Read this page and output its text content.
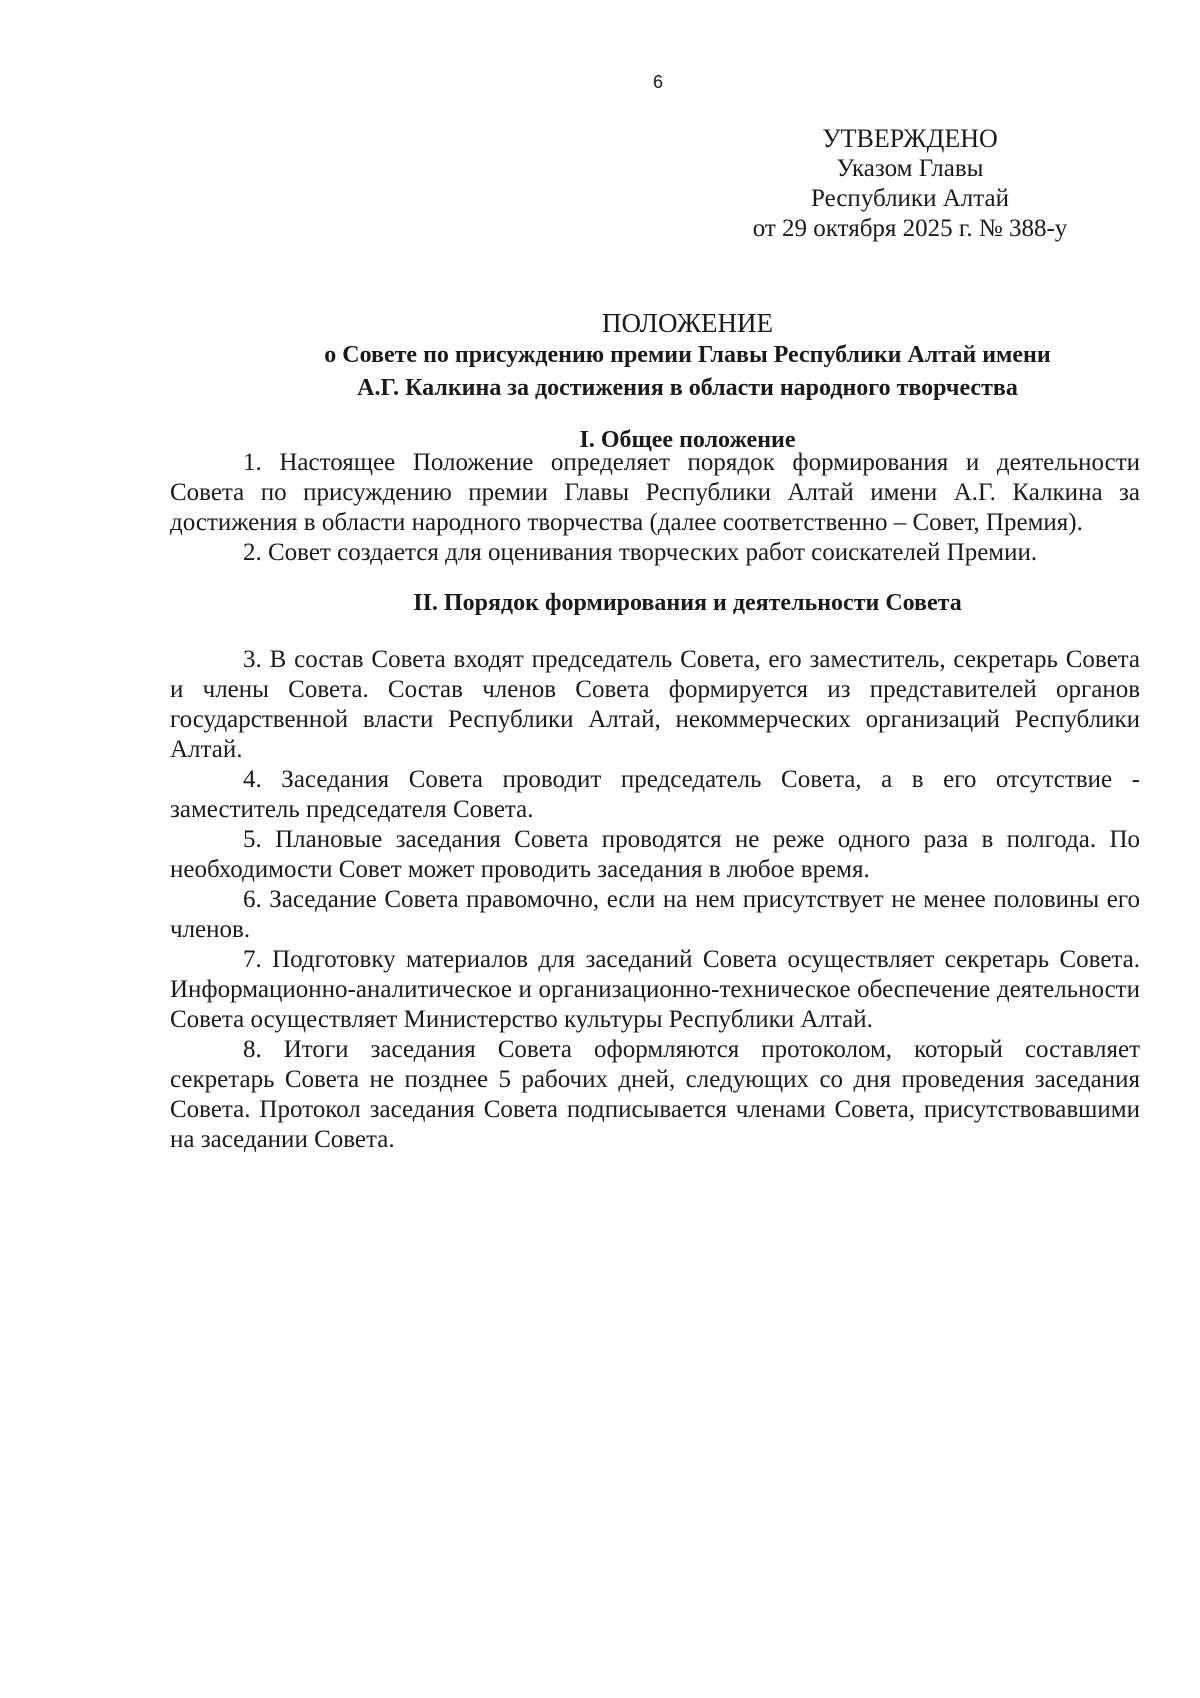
6
УТВЕРЖДЕНО
Указом Главы
Республики Алтай
от 29 октября 2025 г. № 388-у
ПОЛОЖЕНИЕ
о Совете по присуждению премии Главы Республики Алтай имени
А.Г. Калкина за достижения в области народного творчества
I. Общее положение

1. Настоящее Положение определяет порядок формирования и деятельности Совета по присуждению премии Главы Республики Алтай имени А.Г. Калкина за достижения в области народного творчества (далее соответственно – Совет, Премия).

2. Совет создается для оценивания творческих работ соискателей Премии.

II. Порядок формирования и деятельности Совета

3. В состав Совета входят председатель Совета, его заместитель, секретарь Совета и члены Совета. Состав членов Совета формируется из представителей органов государственной власти Республики Алтай, некоммерческих организаций Республики Алтай.

4. Заседания Совета проводит председатель Совета, а в его отсутствие - заместитель председателя Совета.

5. Плановые заседания Совета проводятся не реже одного раза в полгода. По необходимости Совет может проводить заседания в любое время.

6. Заседание Совета правомочно, если на нем присутствует не менее половины его членов.

7. Подготовку материалов для заседаний Совета осуществляет секретарь Совета. Информационно-аналитическое и организационно-техническое обеспечение деятельности Совета осуществляет Министерство культуры Республики Алтай.

8. Итоги заседания Совета оформляются протоколом, который составляет секретарь Совета не позднее 5 рабочих дней, следующих со дня проведения заседания Совета. Протокол заседания Совета подписывается членами Совета, присутствовавшими на заседании Совета.
